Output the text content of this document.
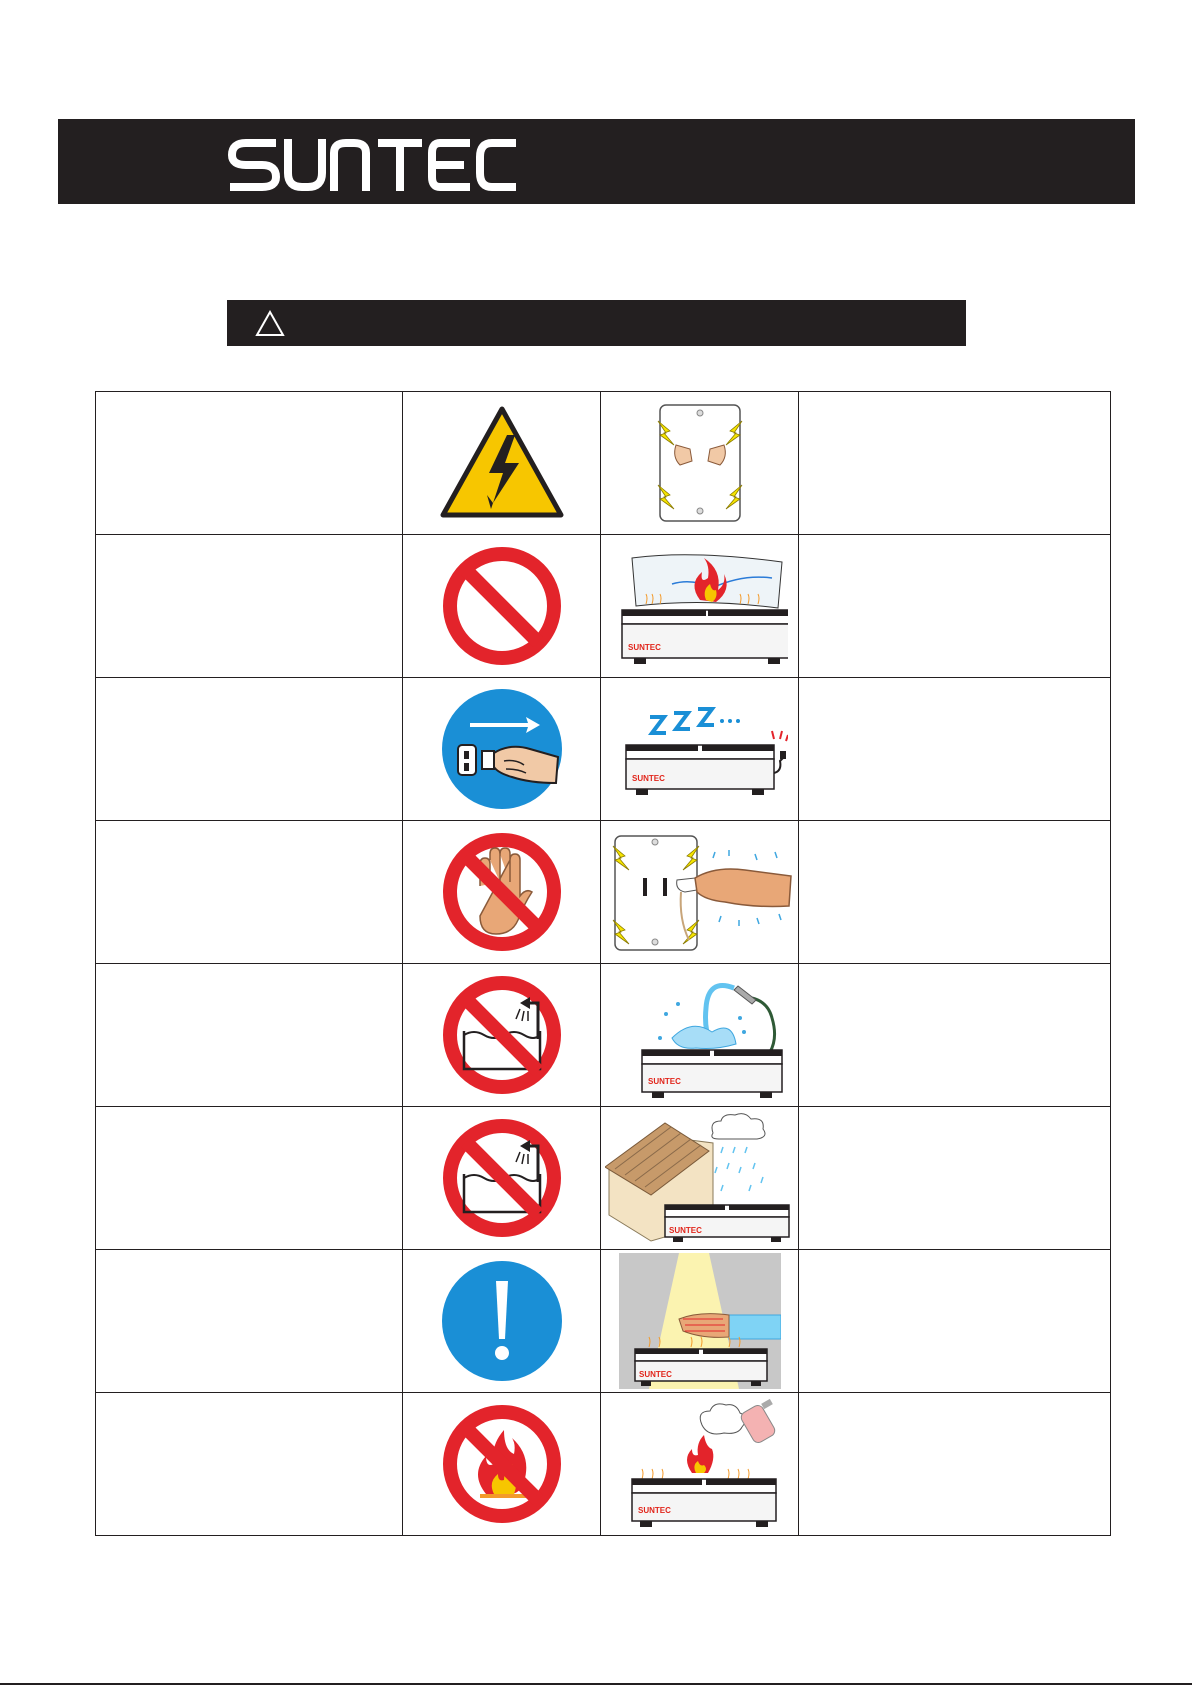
SUNTEC	

SUNTEC	

SUNTEC	

SUNTEC	

SUNTEC	

SUNTEC	
